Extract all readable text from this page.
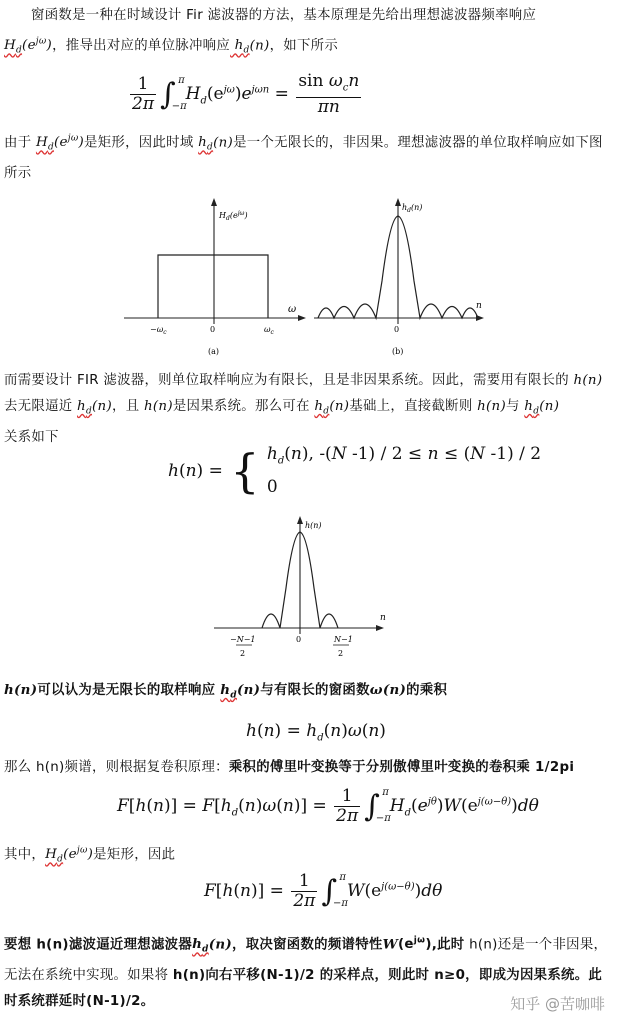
窗函数是一种在时域设计 Fir 滤波器的方法，基本原理是先给出理想滤波器频率响应
$H_d(e^{j\omega})$，推导出对应的单位脉冲响应 $h_d(n)$，如下所示
$\frac{1}{2\pi}$ ∫ π
−π
$H_d(e^{j\omega})e^{j\omega n} = \frac{\sin \omega_cn}{\pi n}$
由于 $H_d(e^{j\omega})$是矩形，因此时域 $h_d(n)$是一个无限长的，非因果。理想滤波器的单位取样响应如下图所示
$H_d(e^{j\omega})$
$-\omega_c$	0	$\omega_c$
ω
(a)
$h_d(n)$
0
n
(b)
而需要设计 FIR 滤波器，则单位取样响应为有限长，且是非因果系统。因此，需要用有限长的 h(n)去无限逼近 $h_d(n)$，且 h(n)是因果系统。那么可在 $h_d(n)$基础上，直接截断则 h(n)与 $h_d(n)$
关系如下
h(n) = { $h_d(n)$, -(N -1) / 2 ≤ n ≤ (N -1) / 2
0
h(n)
0
−N−1
2
N−1
2
n
h(n)可以认为是无限长的取样响应 $h_d(n)$与有限长的窗函数ω(n)的乘积
$h(n) = h_d(n)\omega(n)$
那么 h(n)频谱，则根据复卷积原理：乘积的傅里叶变换等于分别傲傅里叶变换的卷积乘 1/2pi
$F[h(n)] = F[h_d(n)\omega(n)] = \frac{1}{2\pi}$ ∫ π
−π
$H_d(e^{j\theta})W(e^{j(\omega-\theta)})d\theta$
其中，$H_d(e^{j\omega})$是矩形，因此
$F[h(n)] = \frac{1}{2\pi}$ ∫ π
−π
$W(e^{j(\omega-\theta)})d\theta$
要想 h(n)滤波逼近理想滤波器$h_d(n)$，取决窗函数的频谱特性$W(e^{j\omega})$,此时 h(n)还是一个非因果，无法在系统中实现。如果将 h(n)向右平移(N-1)/2 的采样点，则此时 n≥0，即成为因果系统。此时系统群延时(N-1)/2。	知乎 @苦咖啡
